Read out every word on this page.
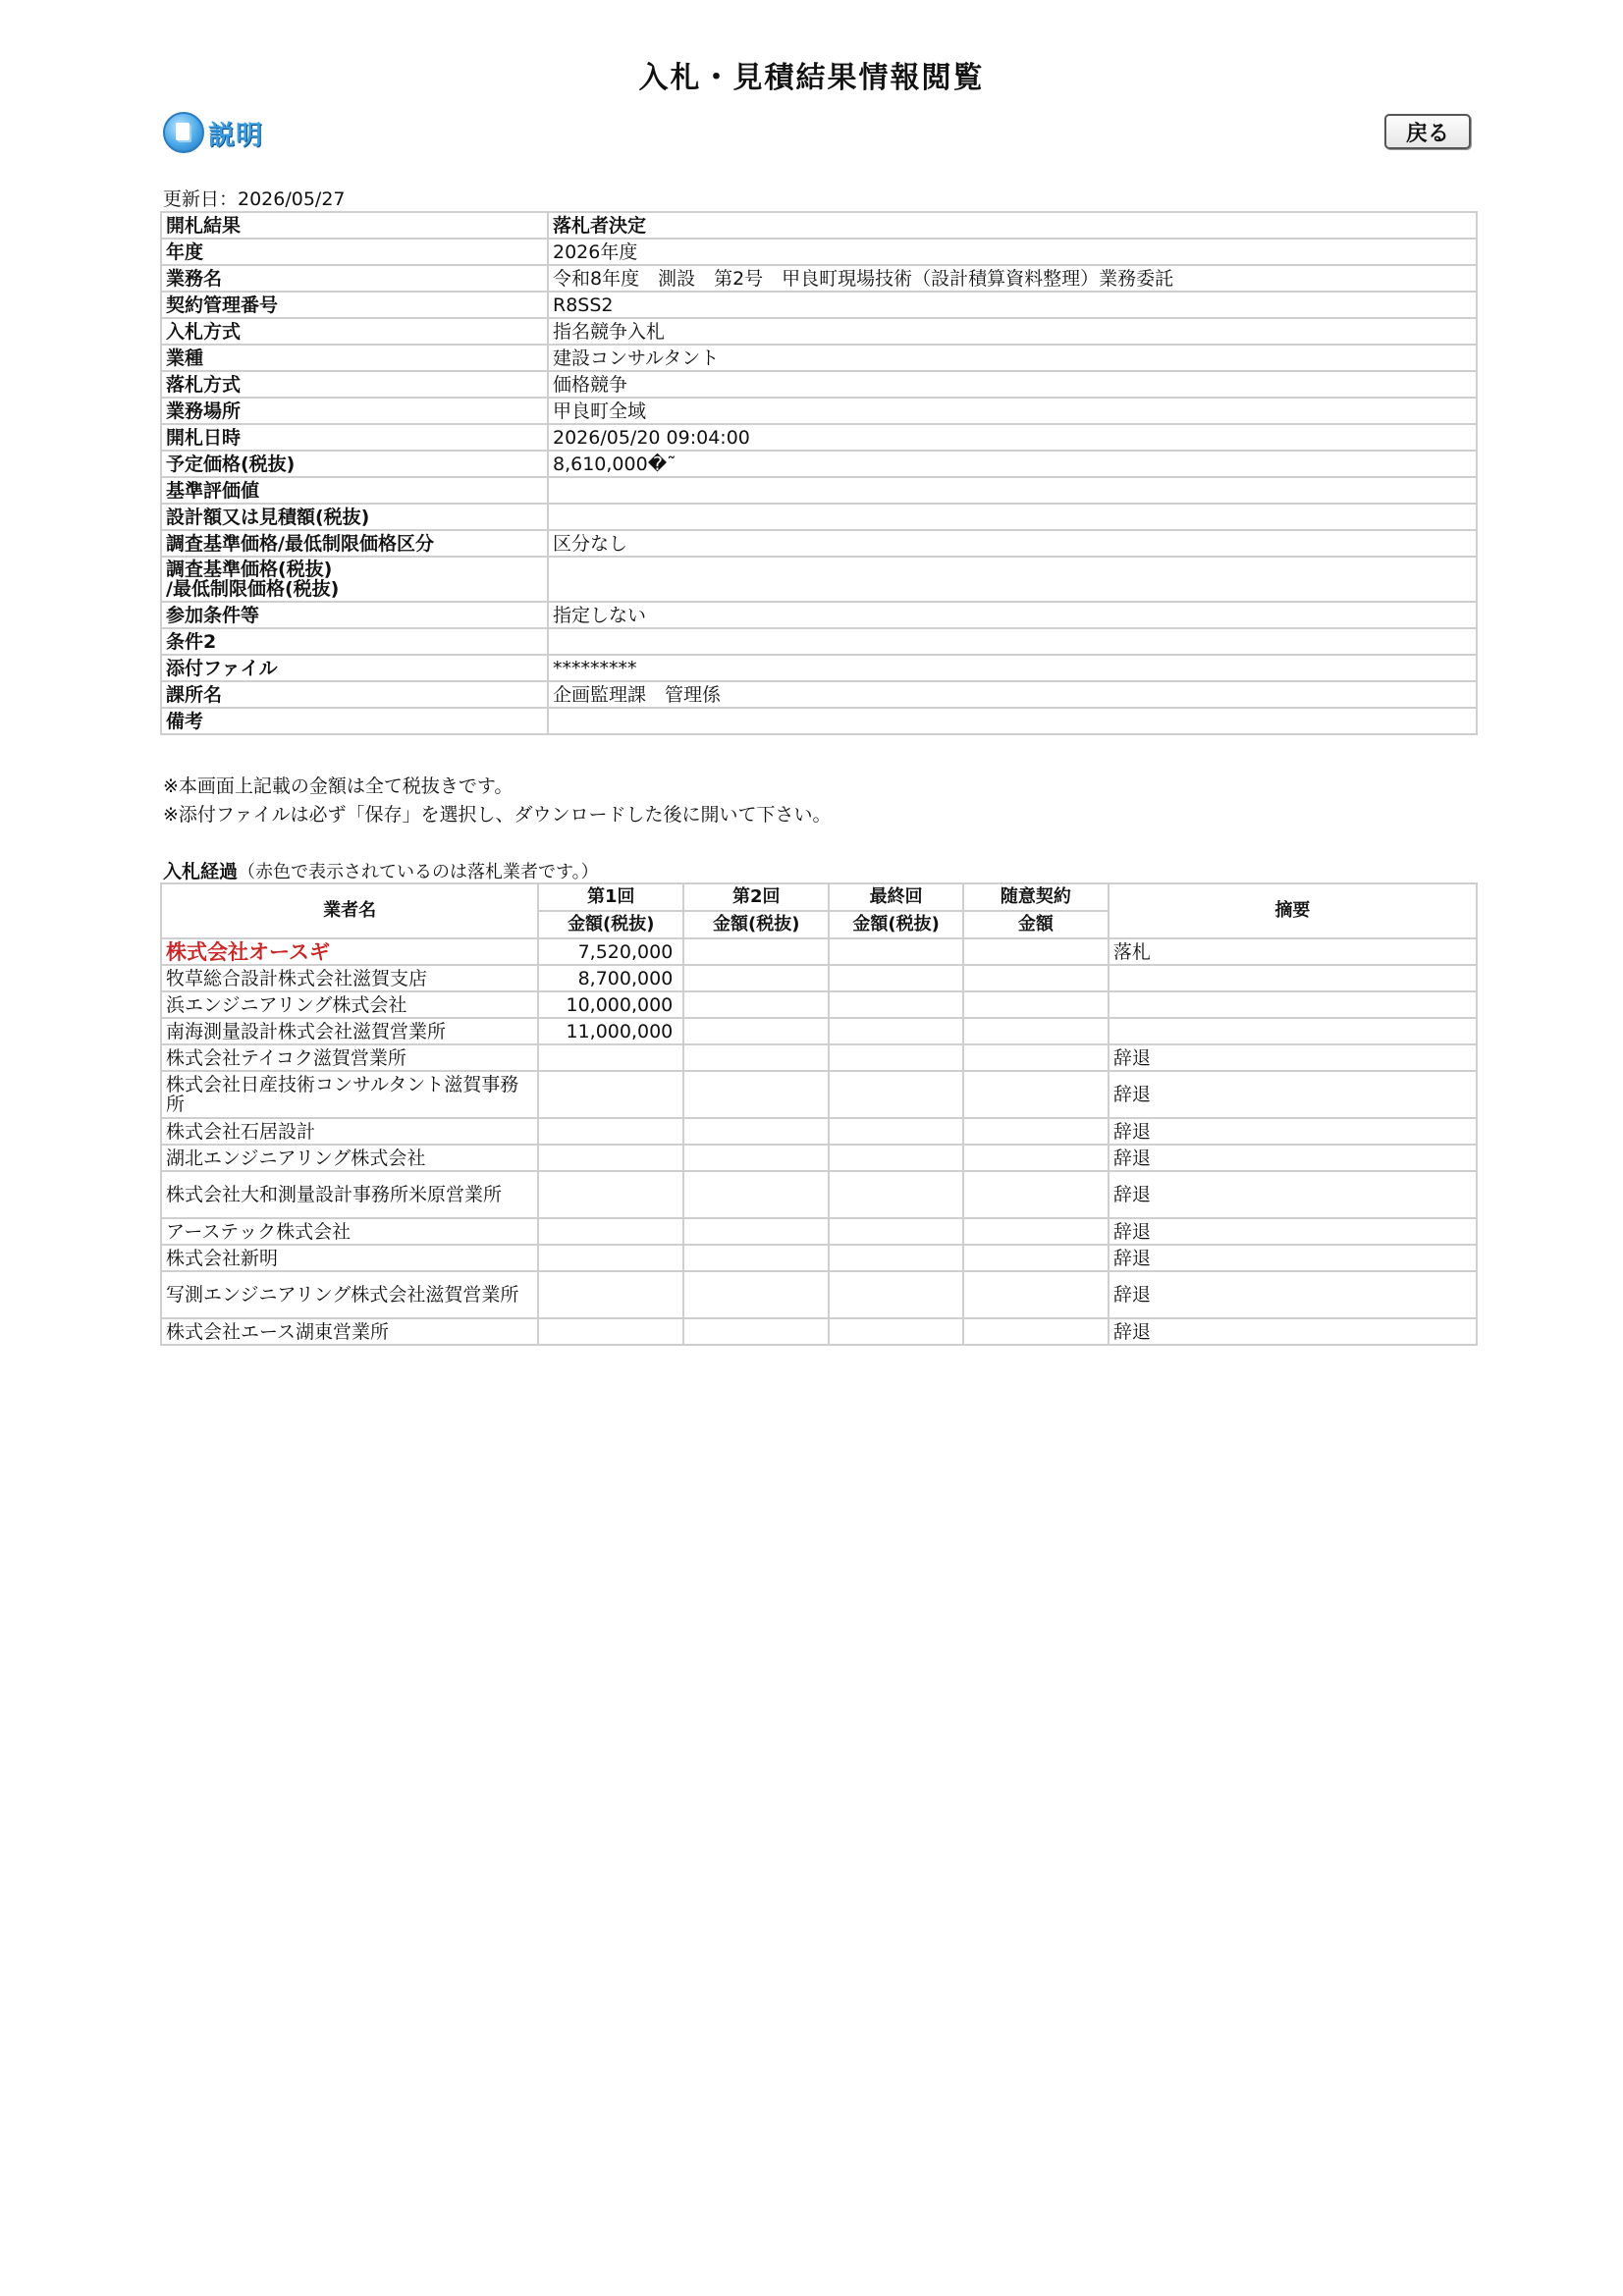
入札・見積結果情報閲覧
説明	戻る
更新日：2026/05/27
開札結果	落札者決定
年度	2026年度
業務名	令和8年度　測設　第2号　甲良町現場技術（設計積算資料整理）業務委託
契約管理番号	R8SS2
入札方式	指名競争入札
業種	建設コンサルタント
落札方式	価格競争
業務場所	甲良町全域
開札日時	2026/05/20 09:04:00
予定価格(税抜)	8,610,000�˜
基準評価値	
設計額又は見積額(税抜)	
調査基準価格/最低制限価格区分	区分なし
調査基準価格(税抜)
/最低制限価格(税抜)	
参加条件等	指定しない
条件2	
添付ファイル	*********
課所名	企画監理課　管理係
備考	
※本画面上記載の金額は全て税抜きです。
※添付ファイルは必ず「保存」を選択し、ダウンロードした後に開いて下さい。
入札経過（赤色で表示されているのは落札業者です。）
業者名	第1回	第2回	最終回	随意契約	摘要
	金額(税抜)	金額(税抜)	金額(税抜)	金額	
株式会社オースギ	7,520,000				落札
牧草総合設計株式会社滋賀支店	8,700,000				
浜エンジニアリング株式会社	10,000,000				
南海測量設計株式会社滋賀営業所	11,000,000				
株式会社テイコク滋賀営業所					辞退
株式会社日産技術コンサルタント滋賀事務所					辞退
株式会社石居設計					辞退
湖北エンジニアリング株式会社					辞退
株式会社大和測量設計事務所米原営業所					辞退
アーステック株式会社					辞退
株式会社新明					辞退
写測エンジニアリング株式会社滋賀営業所					辞退
株式会社エース湖東営業所					辞退
